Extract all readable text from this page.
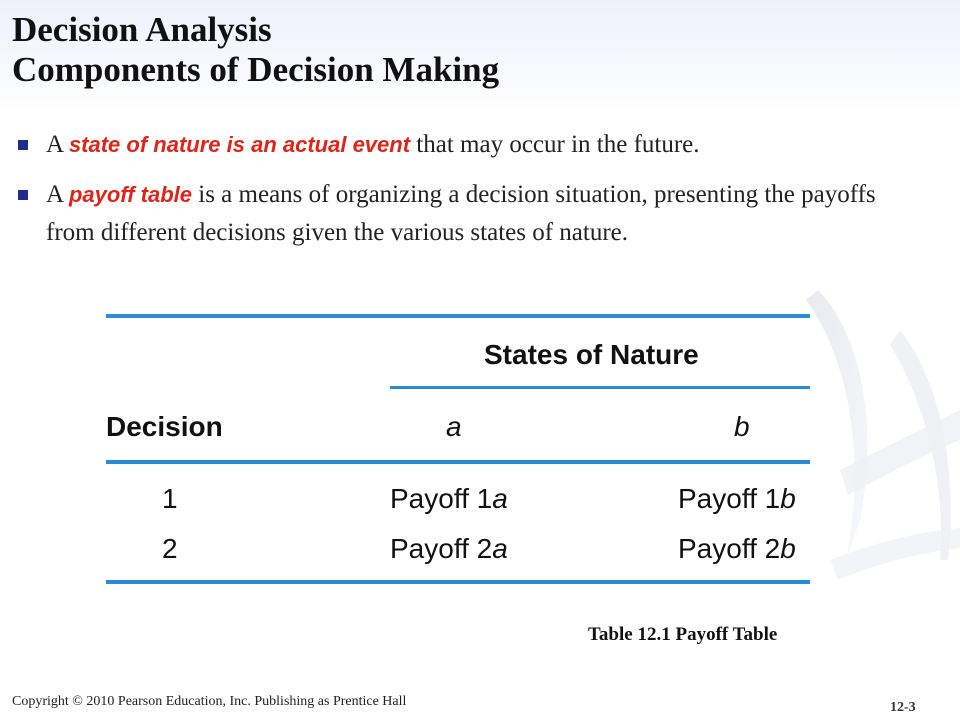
Decision Analysis
Components of Decision Making
A state of nature is an actual event that may occur in the future.
A payoff table is a means of organizing a decision situation, presenting the payoffs from different decisions given the various states of nature.
States of Nature
Decision	a	b
1	Payoff 1a	Payoff 1b
2	Payoff 2a	Payoff 2b
Table 12.1 Payoff Table
Copyright © 2010 Pearson Education, Inc. Publishing as Prentice Hall	12-3
